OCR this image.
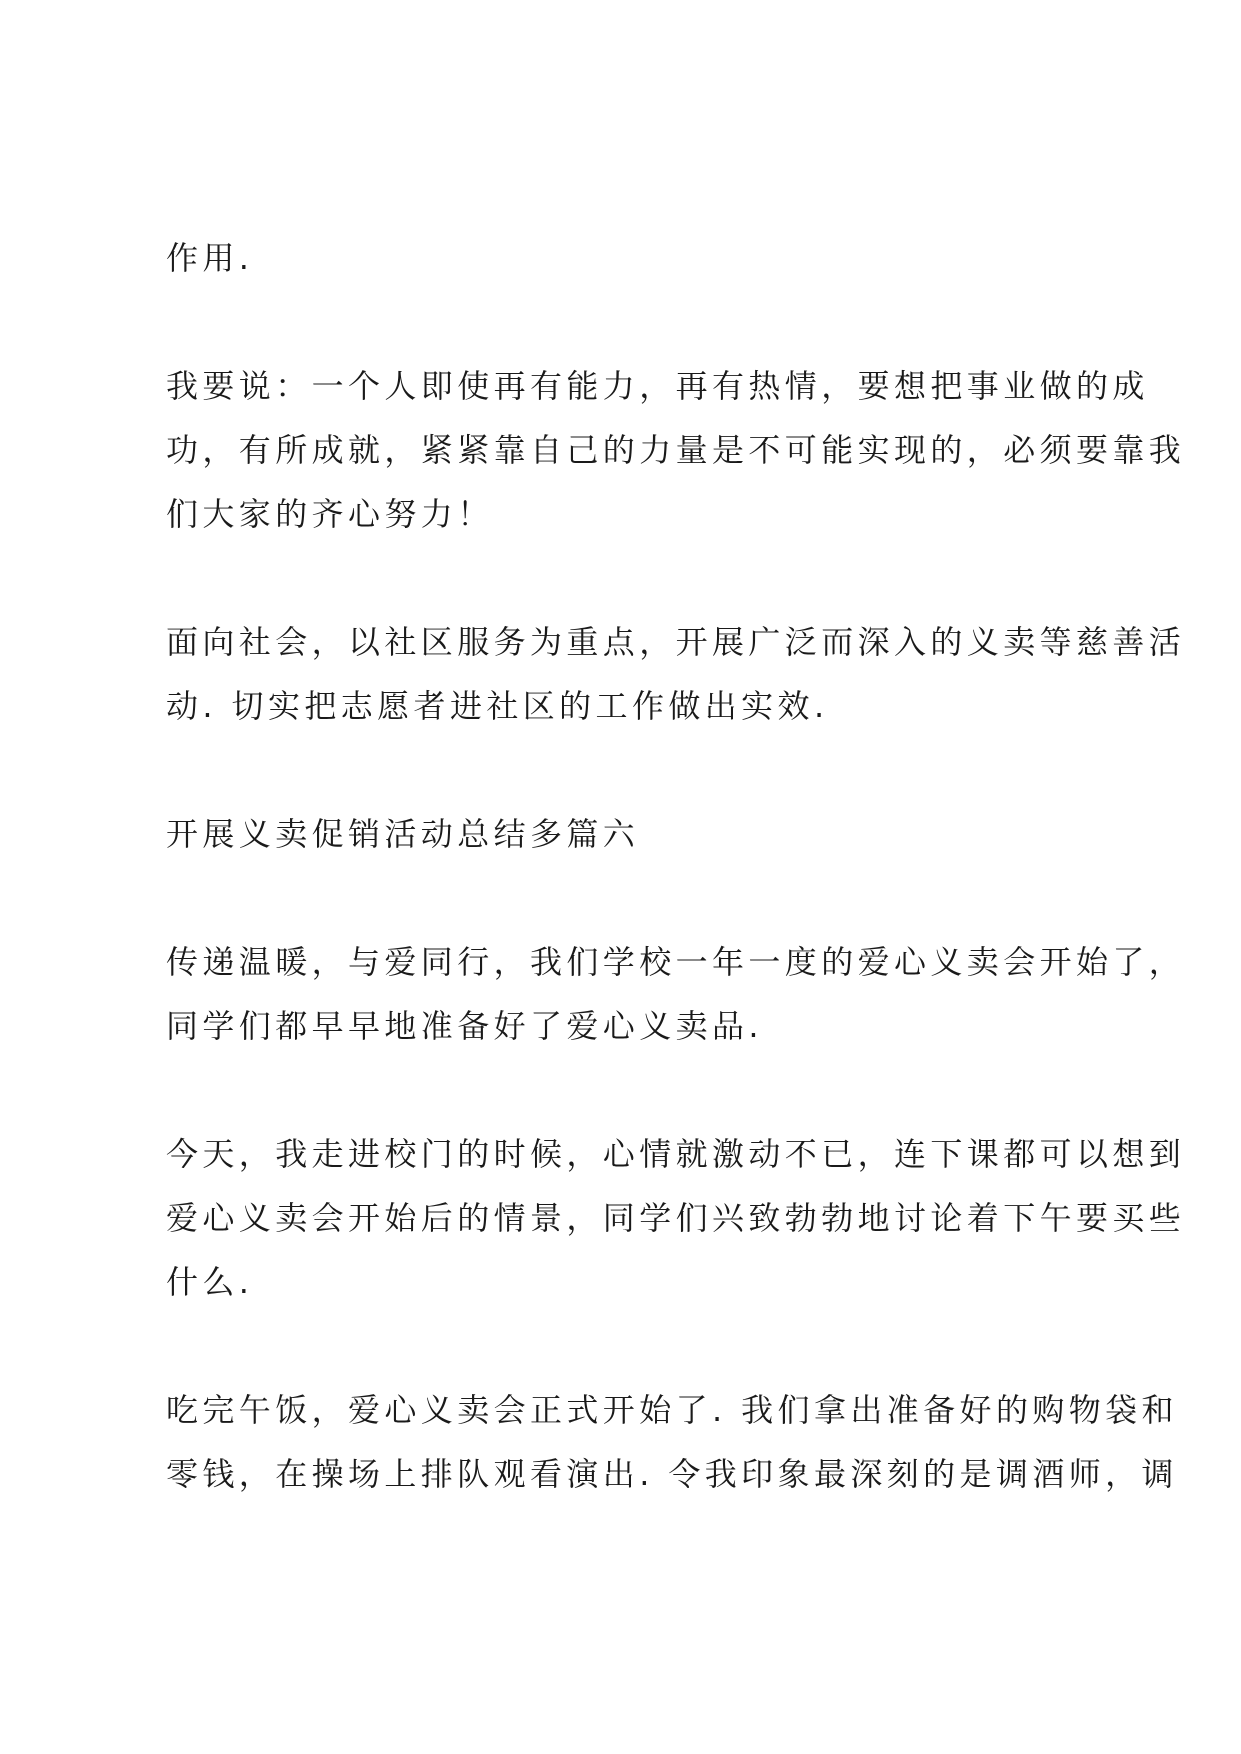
作用.
我要说：一个人即使再有能力，再有热情，要想把事业做的成
功，有所成就，紧紧靠自己的力量是不可能实现的，必须要靠我
们大家的齐心努力！
面向社会，以社区服务为重点，开展广泛而深入的义卖等慈善活
动. 切实把志愿者进社区的工作做出实效.
开展义卖促销活动总结多篇六
传递温暖，与爱同行，我们学校一年一度的爱心义卖会开始了，
同学们都早早地准备好了爱心义卖品.
今天，我走进校门的时候，心情就激动不已，连下课都可以想到
爱心义卖会开始后的情景，同学们兴致勃勃地讨论着下午要买些
什么.
吃完午饭，爱心义卖会正式开始了. 我们拿出准备好的购物袋和
零钱，在操场上排队观看演出. 令我印象最深刻的是调酒师，调
